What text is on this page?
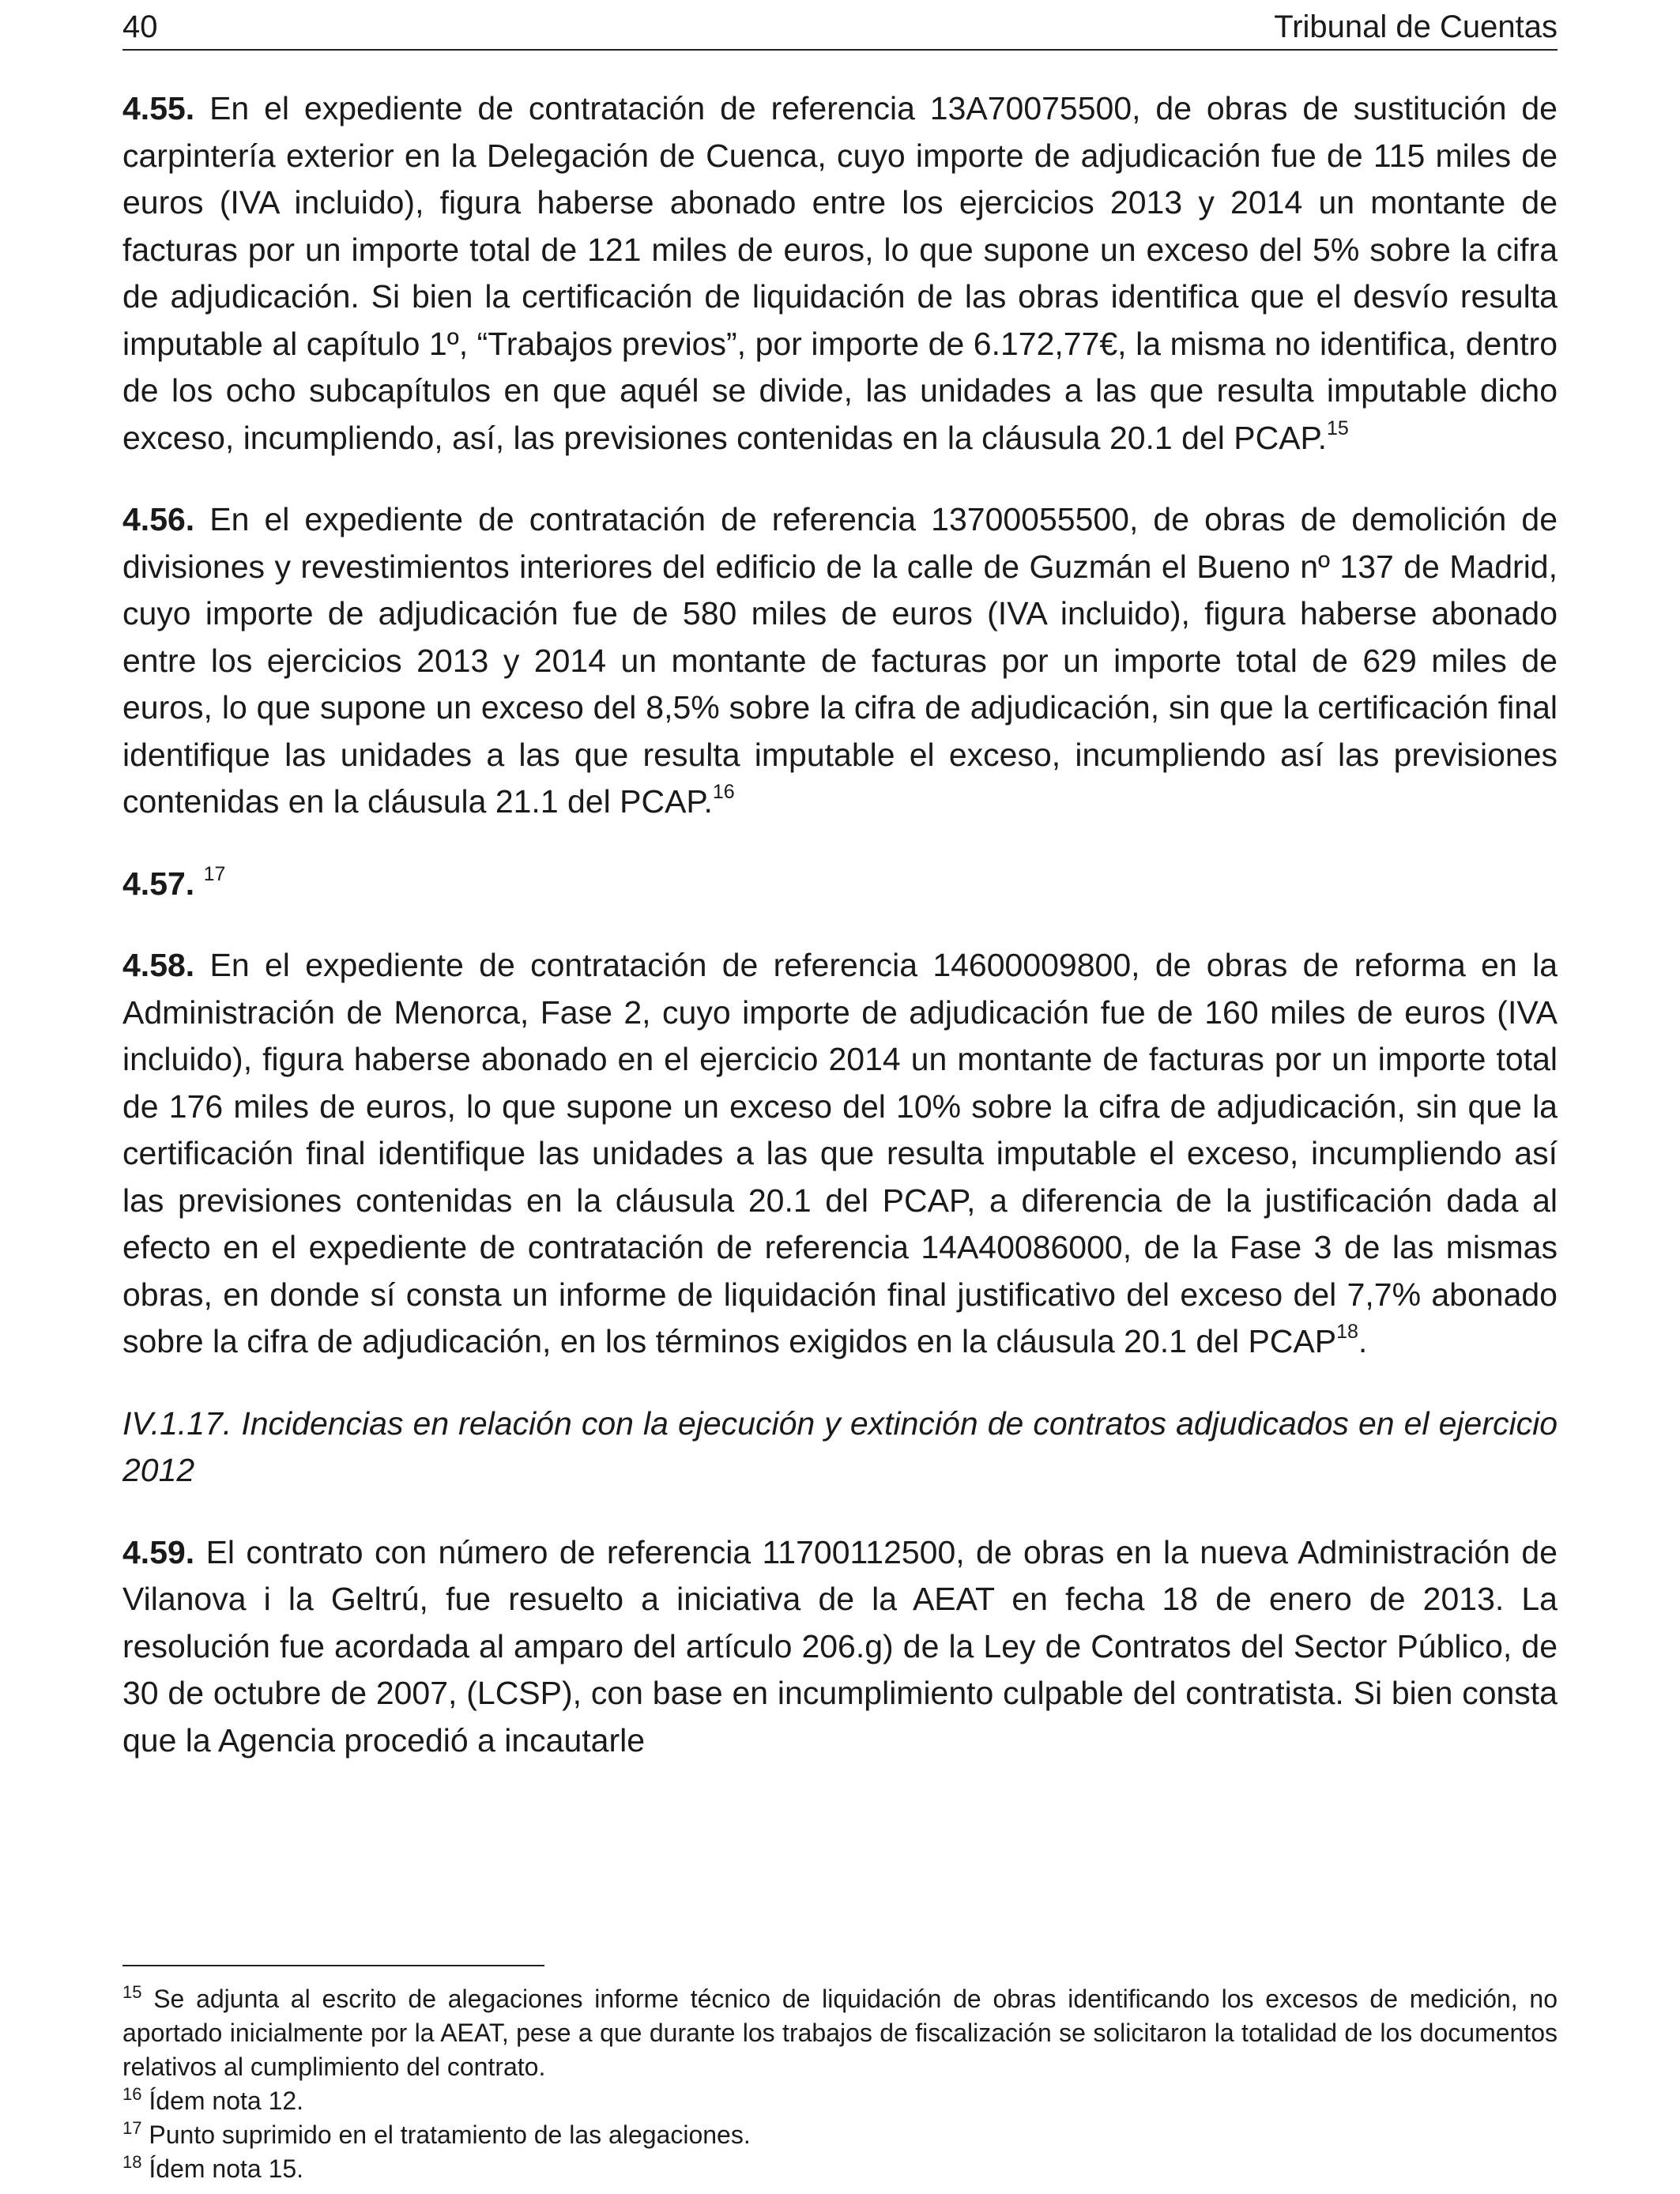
40	Tribunal de Cuentas

4.55. En el expediente de contratación de referencia 13A70075500, de obras de sustitución de carpintería exterior en la Delegación de Cuenca, cuyo importe de adjudicación fue de 115 miles de euros (IVA incluido), figura haberse abonado entre los ejercicios 2013 y 2014 un montante de facturas por un importe total de 121 miles de euros, lo que supone un exceso del 5% sobre la cifra de adjudicación. Si bien la certificación de liquidación de las obras identifica que el desvío resulta imputable al capítulo 1º, “Trabajos previos”, por importe de 6.172,77€, la misma no identifica, dentro de los ocho subcapítulos en que aquél se divide, las unidades a las que resulta imputable dicho exceso, incumpliendo, así, las previsiones contenidas en la cláusula 20.1 del PCAP.$^{15}$

4.56. En el expediente de contratación de referencia 13700055500, de obras de demolición de divisiones y revestimientos interiores del edificio de la calle de Guzmán el Bueno nº 137 de Madrid, cuyo importe de adjudicación fue de 580 miles de euros (IVA incluido), figura haberse abonado entre los ejercicios 2013 y 2014 un montante de facturas por un importe total de 629 miles de euros, lo que supone un exceso del 8,5% sobre la cifra de adjudicación, sin que la certificación final identifique las unidades a las que resulta imputable el exceso, incumpliendo así las previsiones contenidas en la cláusula 21.1 del PCAP.$^{16}$

4.57. $^{17}$

4.58. En el expediente de contratación de referencia 14600009800, de obras de reforma en la Administración de Menorca, Fase 2, cuyo importe de adjudicación fue de 160 miles de euros (IVA incluido), figura haberse abonado en el ejercicio 2014 un montante de facturas por un importe total de 176 miles de euros, lo que supone un exceso del 10% sobre la cifra de adjudicación, sin que la certificación final identifique las unidades a las que resulta imputable el exceso, incumpliendo así las previsiones contenidas en la cláusula 20.1 del PCAP, a diferencia de la justificación dada al efecto en el expediente de contratación de referencia 14A40086000, de la Fase 3 de las mismas obras, en donde sí consta un informe de liquidación final justificativo del exceso del 7,7% abonado sobre la cifra de adjudicación, en los términos exigidos en la cláusula 20.1 del PCAP$^{18}$.

IV.1.17. Incidencias en relación con la ejecución y extinción de contratos adjudicados en el ejercicio 2012

4.59. El contrato con número de referencia 11700112500, de obras en la nueva Administración de Vilanova i la Geltrú, fue resuelto a iniciativa de la AEAT en fecha 18 de enero de 2013. La resolución fue acordada al amparo del artículo 206.g) de la Ley de Contratos del Sector Público, de 30 de octubre de 2007, (LCSP), con base en incumplimiento culpable del contratista. Si bien consta que la Agencia procedió a incautarle

$^{15}$ Se adjunta al escrito de alegaciones informe técnico de liquidación de obras identificando los excesos de medición, no aportado inicialmente por la AEAT, pese a que durante los trabajos de fiscalización se solicitaron la totalidad de los documentos relativos al cumplimiento del contrato.

$^{16}$ Ídem nota 12.

$^{17}$ Punto suprimido en el tratamiento de las alegaciones.

$^{18}$ Ídem nota 15.
